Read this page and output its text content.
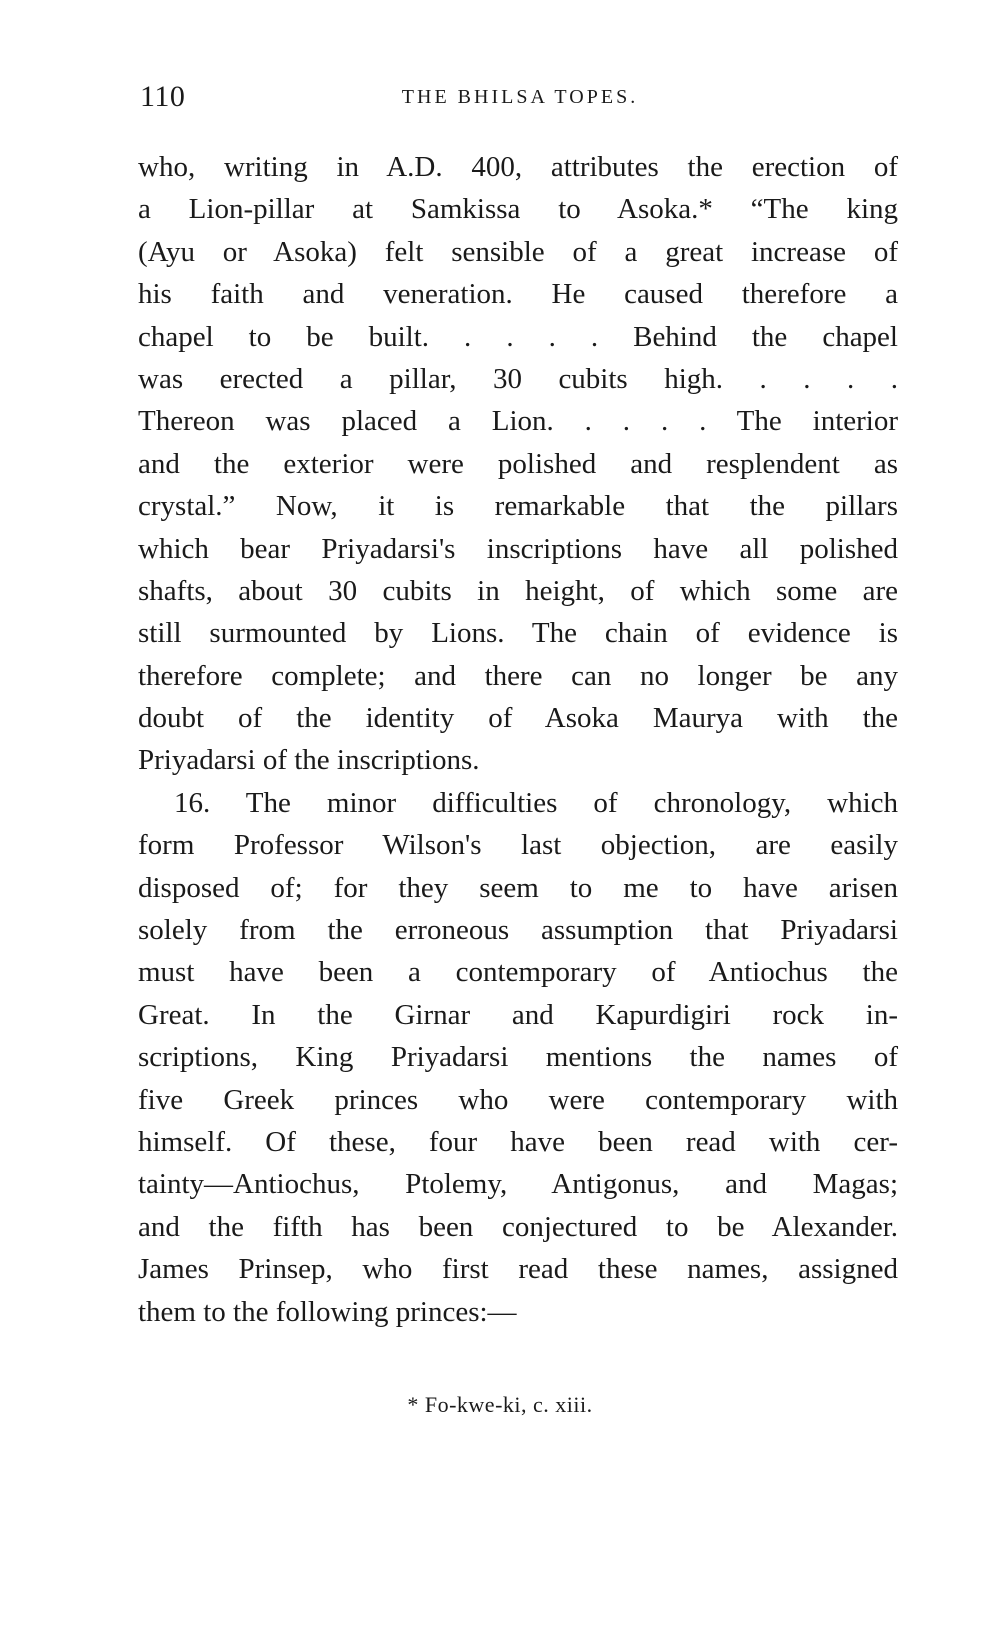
110	THE BHILSA TOPES.
who, writing in A.D. 400, attributes the erection of
a Lion-pillar at Samkissa to Asoka.* “The king
(Ayu or Asoka) felt sensible of a great increase of
his faith and veneration. He caused therefore a
chapel to be built. . . . . Behind the chapel
was erected a pillar, 30 cubits high. . . . .
Thereon was placed a Lion. . . . . The interior
and the exterior were polished and resplendent as
crystal.” Now, it is remarkable that the pillars
which bear Priyadarsi's inscriptions have all polished
shafts, about 30 cubits in height, of which some are
still surmounted by Lions. The chain of evidence is
therefore complete; and there can no longer be any
doubt of the identity of Asoka Maurya with the
Priyadarsi of the inscriptions.
16. The minor difficulties of chronology, which
form Professor Wilson's last objection, are easily
disposed of; for they seem to me to have arisen
solely from the erroneous assumption that Priyadarsi
must have been a contemporary of Antiochus the
Great. In the Girnar and Kapurdigiri rock in-
scriptions, King Priyadarsi mentions the names of
five Greek princes who were contemporary with
himself. Of these, four have been read with cer-
tainty—Antiochus, Ptolemy, Antigonus, and Magas;
and the fifth has been conjectured to be Alexander.
James Prinsep, who first read these names, assigned
them to the following princes:—
* Fo-kwe-ki, c. xiii.
